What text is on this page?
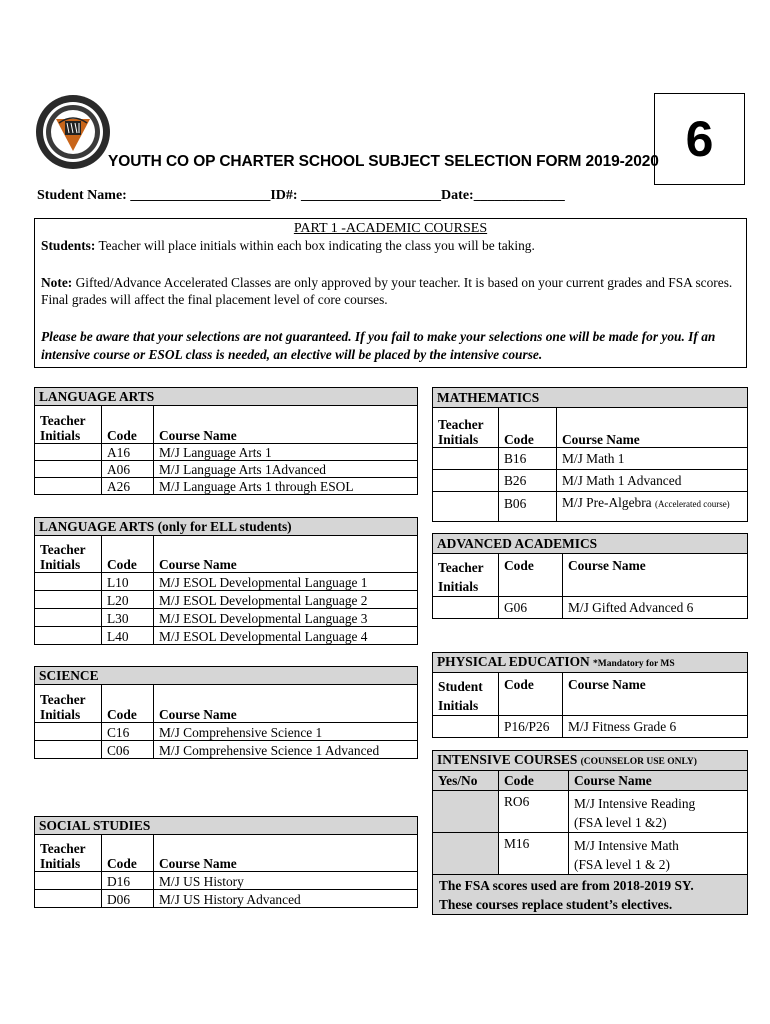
YOUTH CO OP CHARTER SCHOOL SUBJECT SELECTION FORM 2019-2020 6
Student Name: ____________________ID#: ____________________Date:_____________
PART 1 -ACADEMIC COURSES
Students: Teacher will place initials within each box indicating the class you will be taking.
Note: Gifted/Advance Accelerated Classes are only approved by your teacher. It is based on your current grades and FSA scores. Final grades will affect the final placement level of core courses.
Please be aware that your selections are not guaranteed. If you fail to make your selections one will be made for you. If an intensive course or ESOL class is needed, an elective will be placed by the intensive course.
LANGUAGE ARTS		
Teacher
Initials	Code	Course Name
	A16	M/J Language Arts 1
	A06	M/J Language Arts 1Advanced
	A26	M/J Language Arts 1 through ESOL
LANGUAGE ARTS (only for ELL students)		
Teacher
Initials	Code	Course Name
	L10	M/J ESOL Developmental Language 1
	L20	M/J ESOL Developmental Language 2
	L30	M/J ESOL Developmental Language 3
	L40	M/J ESOL Developmental Language 4
SCIENCE		
Teacher
Initials	Code	Course Name
	C16	M/J Comprehensive Science 1
	C06	M/J Comprehensive Science 1 Advanced
SOCIAL STUDIES		
Teacher
Initials	Code	Course Name
	D16	M/J US History
	D06	M/J US History Advanced
MATHEMATICS		
Teacher
Initials	Code	Course Name
	B16	M/J Math 1
	B26	M/J Math 1 Advanced
	B06	M/J Pre-Algebra (Accelerated course)
ADVANCED ACADEMICS		
Teacher
Initials	Code	Course Name
	G06	M/J Gifted Advanced 6
PHYSICAL EDUCATION *Mandatory for MS		
Student
Initials	Code	Course Name
	P16/P26	M/J Fitness Grade 6
INTENSIVE COURSES (COUNSELOR USE ONLY)		
Yes/No	Code	Course Name
	RO6	M/J Intensive Reading
(FSA level 1 &2)
	M16	M/J Intensive Math
(FSA level 1 & 2)
The FSA scores used are from 2018-2019 SY.
These courses replace student’s electives.		
